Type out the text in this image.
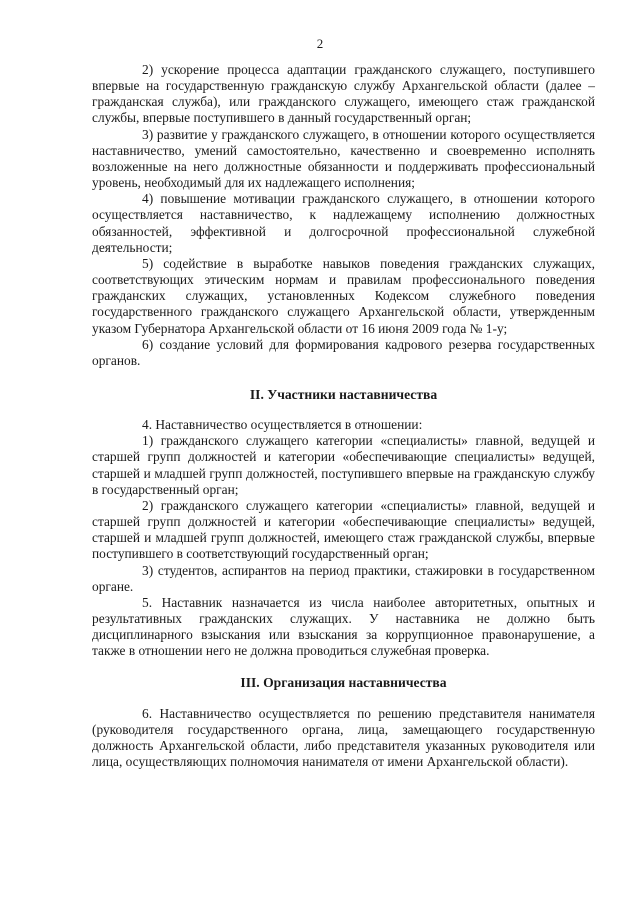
2

2) ускорение процесса адаптации гражданского служащего, поступившего впервые на государственную гражданскую службу Архангельской области (далее – гражданская служба), или гражданского служащего, имеющего стаж гражданской службы, впервые поступившего в данный государственный орган;

3) развитие у гражданского служащего, в отношении которого осуществляется наставничество, умений самостоятельно, качественно и своевременно исполнять возложенные на него должностные обязанности и поддерживать профессиональный уровень, необходимый для их надлежащего исполнения;

4) повышение мотивации гражданского служащего, в отношении которого осуществляется наставничество, к надлежащему исполнению должностных обязанностей, эффективной и долгосрочной профессиональной служебной деятельности;

5) содействие в выработке навыков поведения гражданских служащих, соответствующих этическим нормам и правилам профессионального поведения гражданских служащих, установленных Кодексом служебного поведения государственного гражданского служащего Архангельской области, утвержденным указом Губернатора Архангельской области от 16 июня 2009 года № 1-у;

6) создание условий для формирования кадрового резерва государственных органов.

II. Участники наставничества

4. Наставничество осуществляется в отношении:

1) гражданского служащего категории «специалисты» главной, ведущей и старшей групп должностей и категории «обеспечивающие специалисты» ведущей, старшей и младшей групп должностей, поступившего впервые на гражданскую службу в государственный орган;

2) гражданского служащего категории «специалисты» главной, ведущей и старшей групп должностей и категории «обеспечивающие специалисты» ведущей, старшей и младшей групп должностей, имеющего стаж гражданской службы, впервые поступившего в соответствующий государственный орган;

3) студентов, аспирантов на период практики, стажировки в государственном органе.

5. Наставник назначается из числа наиболее авторитетных, опытных и результативных гражданских служащих. У наставника не должно быть дисциплинарного взыскания или взыскания за коррупционное правонарушение, а также в отношении него не должна проводиться служебная проверка.

III. Организация наставничества

6. Наставничество осуществляется по решению представителя нанимателя (руководителя государственного органа, лица, замещающего государственную должность Архангельской области, либо представителя указанных руководителя или лица, осуществляющих полномочия нанимателя от имени Архангельской области).
